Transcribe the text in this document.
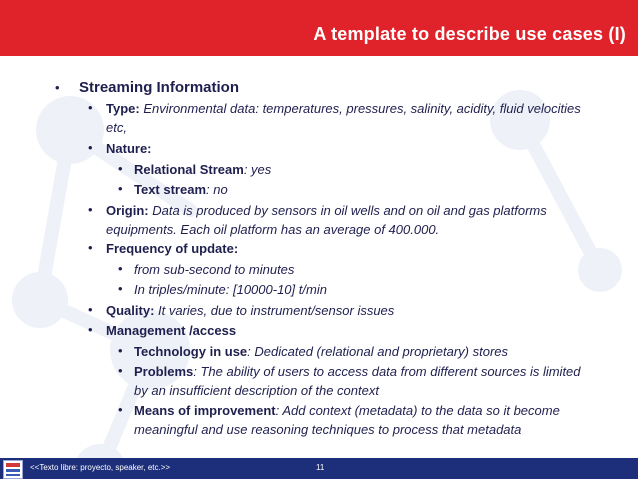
A template to describe use cases (I)
• Streaming Information
• Type: Environmental data: temperatures, pressures, salinity, acidity, fluid velocities etc,
• Nature:
• Relational Stream: yes
• Text stream: no
• Origin: Data is produced by sensors in oil wells and on oil and gas platforms equipments. Each oil platform has an average of 400.000.
• Frequency of update:
• from sub-second to minutes
• In triples/minute: [10000-10] t/min
• Quality: It varies, due to instrument/sensor issues
• Management /access
• Technology in use: Dedicated (relational and proprietary) stores
• Problems: The ability of users to access data from different sources is limited by an insufficient description of the context
• Means of improvement: Add context (metadata) to the data so it become meaningful and use reasoning techniques to process that metadata
<<Texto libre: proyecto, speaker, etc.>>	11
